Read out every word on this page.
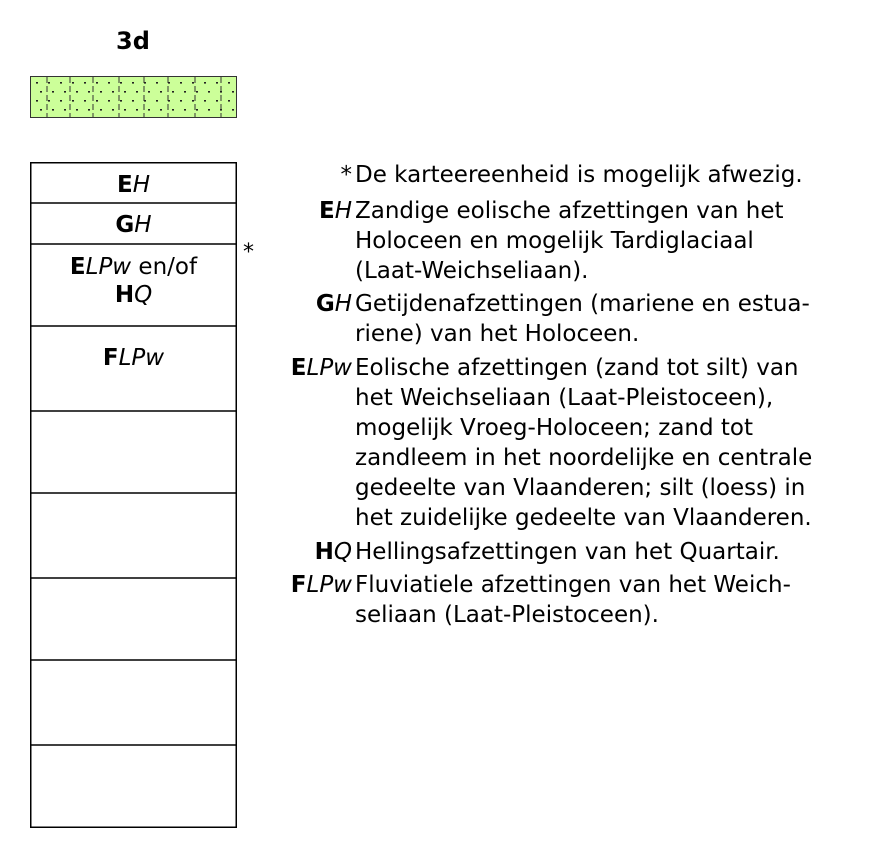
3d
EH
GH
ELPw en/of
HQ
FLPw
*
* De karteereenheid is mogelijk afwezig.
EH Zandige eolische afzettingen van het
Holoceen en mogelijk Tardiglaciaal
(Laat-Weichseliaan).
GH Getijdenafzettingen (mariene en estua-
riene) van het Holoceen.
ELPw Eolische afzettingen (zand tot silt) van
het Weichseliaan (Laat-Pleistoceen),
mogelijk Vroeg-Holoceen; zand tot
zandleem in het noordelijke en centrale
gedeelte van Vlaanderen; silt (loess) in
het zuidelijke gedeelte van Vlaanderen.
HQ Hellingsafzettingen van het Quartair.
FLPw Fluviatiele afzettingen van het Weich-
seliaan (Laat-Pleistoceen).
